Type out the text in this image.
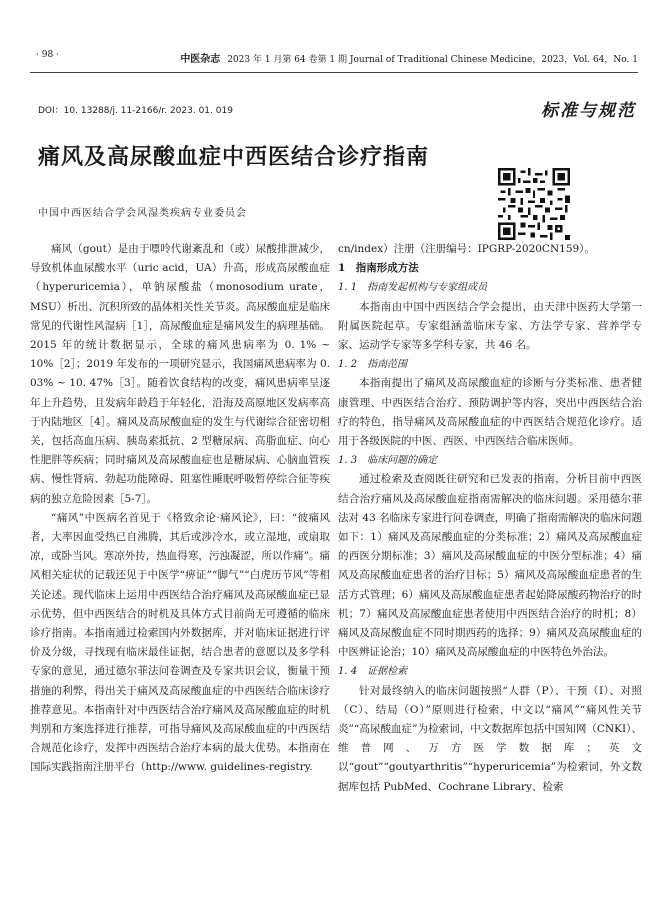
· 98 ·	中医杂志 2023 年 1 月第 64 卷第 1 期 Journal of Traditional Chinese Medicine，2023，Vol. 64，No. 1
DOI：10. 13288/j. 11-2166/r. 2023. 01. 019	标准与规范
痛风及高尿酸血症中西医结合诊疗指南
中国中西医结合学会风湿类疾病专业委员会

痛风（gout）是由于嘌呤代谢紊乱和（或）尿酸排泄减少，导致机体血尿酸水平（uric acid，UA）升高，形成高尿酸血症（hyperuricemia），单钠尿酸盐（monosodium urate，MSU）析出、沉积所致的晶体相关性关节炎。高尿酸血症是临床常见的代谢性风湿病［1］，高尿酸血症是痛风发生的病理基础。2015 年的统计数据显示，全球的痛风患病率为 0. 1% ~ 10%［2］；2019 年发布的一项研究显示，我国痛风患病率为 0. 03% ~ 10. 47%［3］。随着饮食结构的改变，痛风患病率呈逐年上升趋势，且发病年龄趋于年轻化，沿海及高原地区发病率高于内陆地区［4］。痛风及高尿酸血症的发生与代谢综合征密切相关，包括高血压病、胰岛素抵抗、2 型糖尿病、高脂血症、向心性肥胖等疾病；同时痛风及高尿酸血症也是糖尿病、心脑血管疾病、慢性肾病、勃起功能障碍、阻塞性睡眠呼吸暂停综合征等疾病的独立危险因素［5-7］。

“痛风”中医病名首见于《格致余论·痛风论》，曰：“彼痛风者，大率因血受热已自沸腾，其后或涉冷水，或立湿地，或扇取凉，或卧当风。寒凉外抟，热血得寒，污浊凝涩，所以作痛”。痛风相关症状的记载还见于中医学“痹证”“脚气”“白虎历节风”等相关论述。现代临床上运用中西医结合治疗痛风及高尿酸血症已显示优势，但中西医结合的时机及具体方式目前尚无可遵循的临床诊疗指南。本指南通过检索国内外数据库，并对临床证据进行评价及分级，寻找现有临床最佳证据，结合患者的意愿以及多学科专家的意见，通过德尔菲法问卷调查及专家共识会议，衡量干预措施的利弊，得出关于痛风及高尿酸血症的中西医结合临床诊疗推荐意见。本指南针对中西医结合治疗痛风及高尿酸血症的时机判别和方案选择进行推荐，可指导痛风及高尿酸血症的中西医结合规范化诊疗，发挥中西医结合治疗本病的最大优势。本指南在国际实践指南注册平台（http://www. guidelines-registry.

cn/index）注册（注册编号：IPGRP-2020CN159）。

1　指南形成方法
1. 1　指南发起机构与专家组成员

本指南由中国中西医结合学会提出，由天津中医药大学第一附属医院起草。专家组涵盖临床专家、方法学专家、营养学专家、运动学专家等多学科专家，共 46 名。

1. 2　指南范围

本指南提出了痛风及高尿酸血症的诊断与分类标准、患者健康管理、中西医结合治疗、预防调护等内容，突出中西医结合治疗的特色，指导痛风及高尿酸血症的中西医结合规范化诊疗。适用于各级医院的中医、西医、中西医结合临床医师。

1. 3　临床问题的确定

通过检索及查阅既往研究和已发表的指南，分析目前中西医结合治疗痛风及高尿酸血症指南需解决的临床问题。采用德尔菲法对 43 名临床专家进行问卷调查，明确了指南需解决的临床问题如下：1）痛风及高尿酸血症的分类标准；2）痛风及高尿酸血症的西医分期标准；3）痛风及高尿酸血症的中医分型标准；4）痛风及高尿酸血症患者的治疗目标；5）痛风及高尿酸血症患者的生活方式管理；6）痛风及高尿酸血症患者起始降尿酸药物治疗的时机；7）痛风及高尿酸血症患者使用中西医结合治疗的时机；8）痛风及高尿酸血症不同时期西药的选择；9）痛风及高尿酸血症的中医辨证论治；10）痛风及高尿酸血症的中医特色外治法。

1. 4　证据检索

针对最终纳入的临床问题按照“人群（P）、干预（I）、对照（C）、结局（O）”原则进行检索，中文以“痛风”“痛风性关节炎”“高尿酸血症”为检索词，中文数据库包括中国知网（CNKI）、维普网、万方医学数据库；英文以“gout”“goutyarthritis”“hyperuricemia”为检索词，外文数据库包括 PubMed、Cochrane Library、检索
